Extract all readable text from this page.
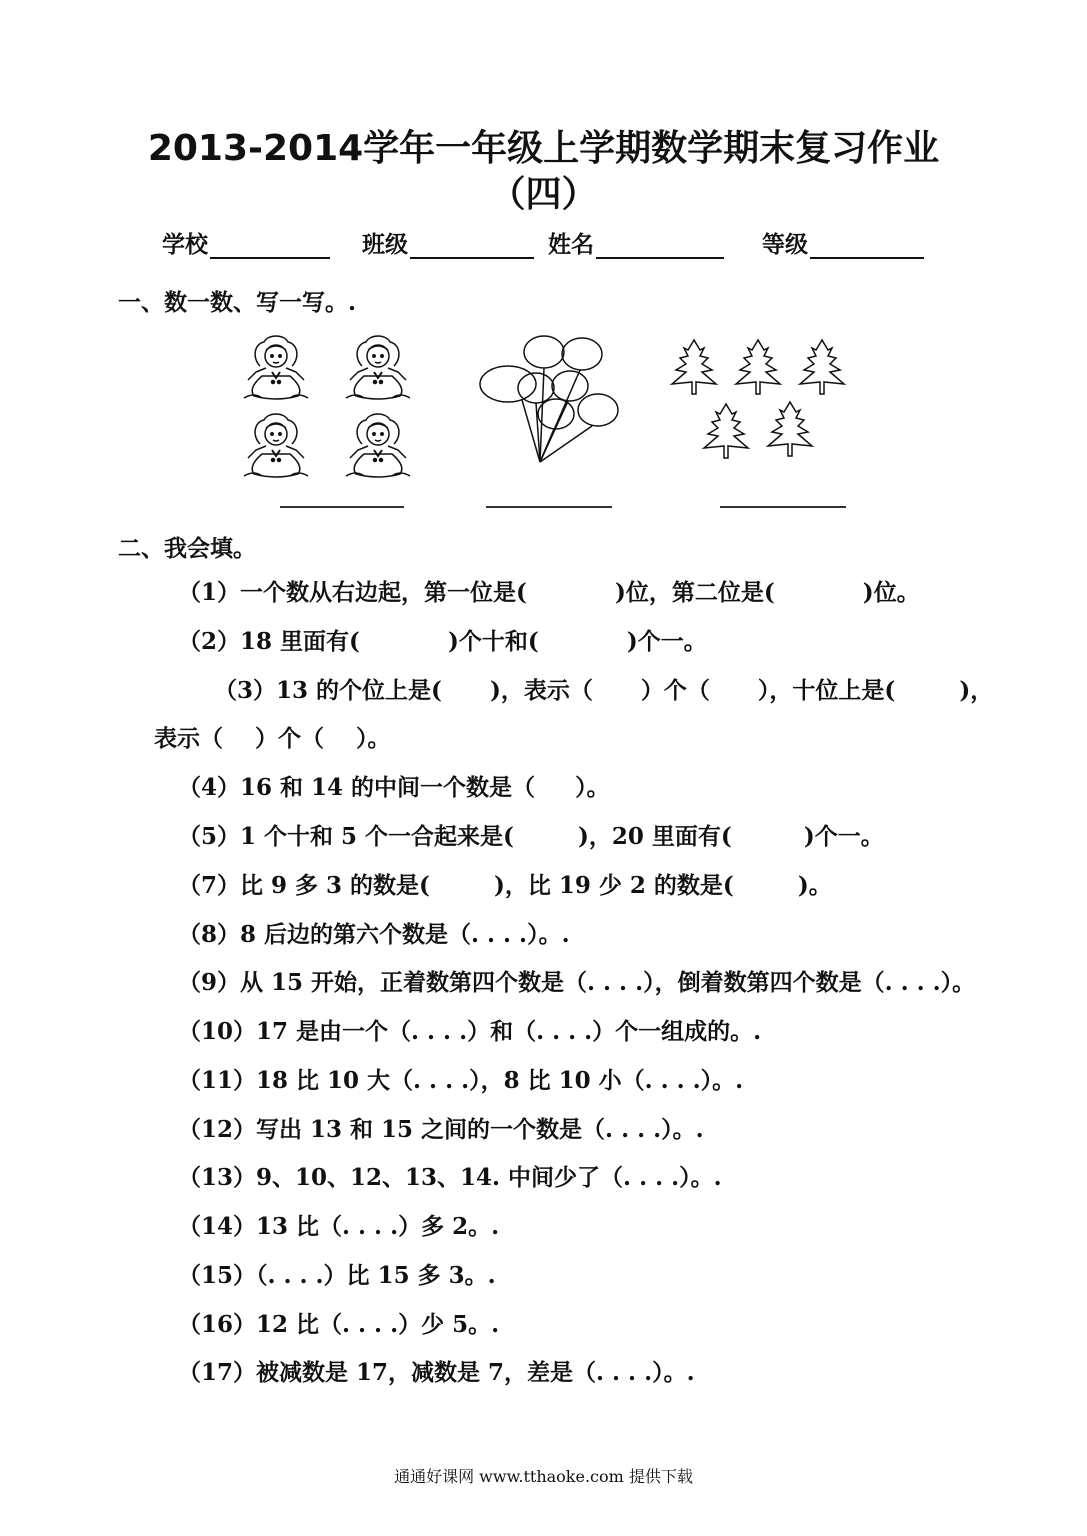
2013-2014学年一年级上学期数学期末复习作业
（四）
学校	班级	姓名	等级
一、数一数、写一写。.
二、我会填。
（1）一个数从右边起，第一位是(           )位，第二位是(           )位。
（2）18 里面有(           )个十和(           )个一。
（3）13 的个位上是(      )，表示（      ）个（      ），十位上是(        )，
表示（    ）个（    ）。
（4）16 和 14 的中间一个数是（     ）。
（5）1 个十和 5 个一合起来是(        )，20 里面有(         )个一。
（7）比 9 多 3 的数是(        )，比 19 少 2 的数是(        )。
（8）8 后边的第六个数是（. . . .）。.
（9）从 15 开始，正着数第四个数是（. . . .），倒着数第四个数是（. . . .）。
（10）17 是由一个（. . . .）和（. . . .）个一组成的。.
（11）18 比 10 大（. . . .），8 比 10 小（. . . .）。.
（12）写出 13 和 15 之间的一个数是（. . . .）。.
（13）9、10、12、13、14. 中间少了（. . . .）。.
（14）13 比（. . . .）多 2。.
（15）（. . . .）比 15 多 3。.
（16）12 比（. . . .）少 5。.
（17）被减数是 17，减数是 7，差是（. . . .）。.
通通好课网 www.tthaoke.com 提供下载
